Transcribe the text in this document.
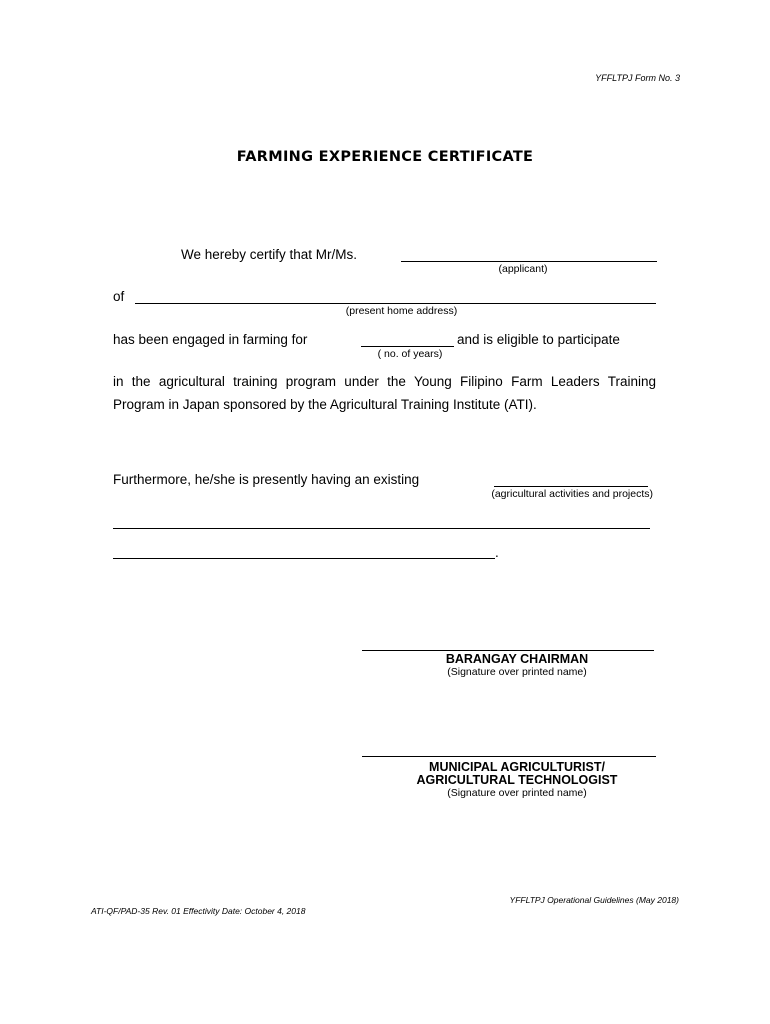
YFFLTPJ Form No. 3
FARMING EXPERIENCE CERTIFICATE
We hereby certify that Mr/Ms.
(applicant)
of
(present home address)
has been engaged in farming for	and is eligible to participate
( no. of years)
in the agricultural training program under the Young Filipino Farm Leaders Training Program in Japan sponsored by the Agricultural Training Institute (ATI).
Furthermore, he/she is presently having an existing
(agricultural activities and projects)
.
BARANGAY CHAIRMAN
(Signature over printed name)
MUNICIPAL AGRICULTURIST/
AGRICULTURAL TECHNOLOGIST
(Signature over printed name)
YFFLTPJ Operational Guidelines (May 2018)
ATI-QF/PAD-35 Rev. 01 Effectivity Date: October 4, 2018
